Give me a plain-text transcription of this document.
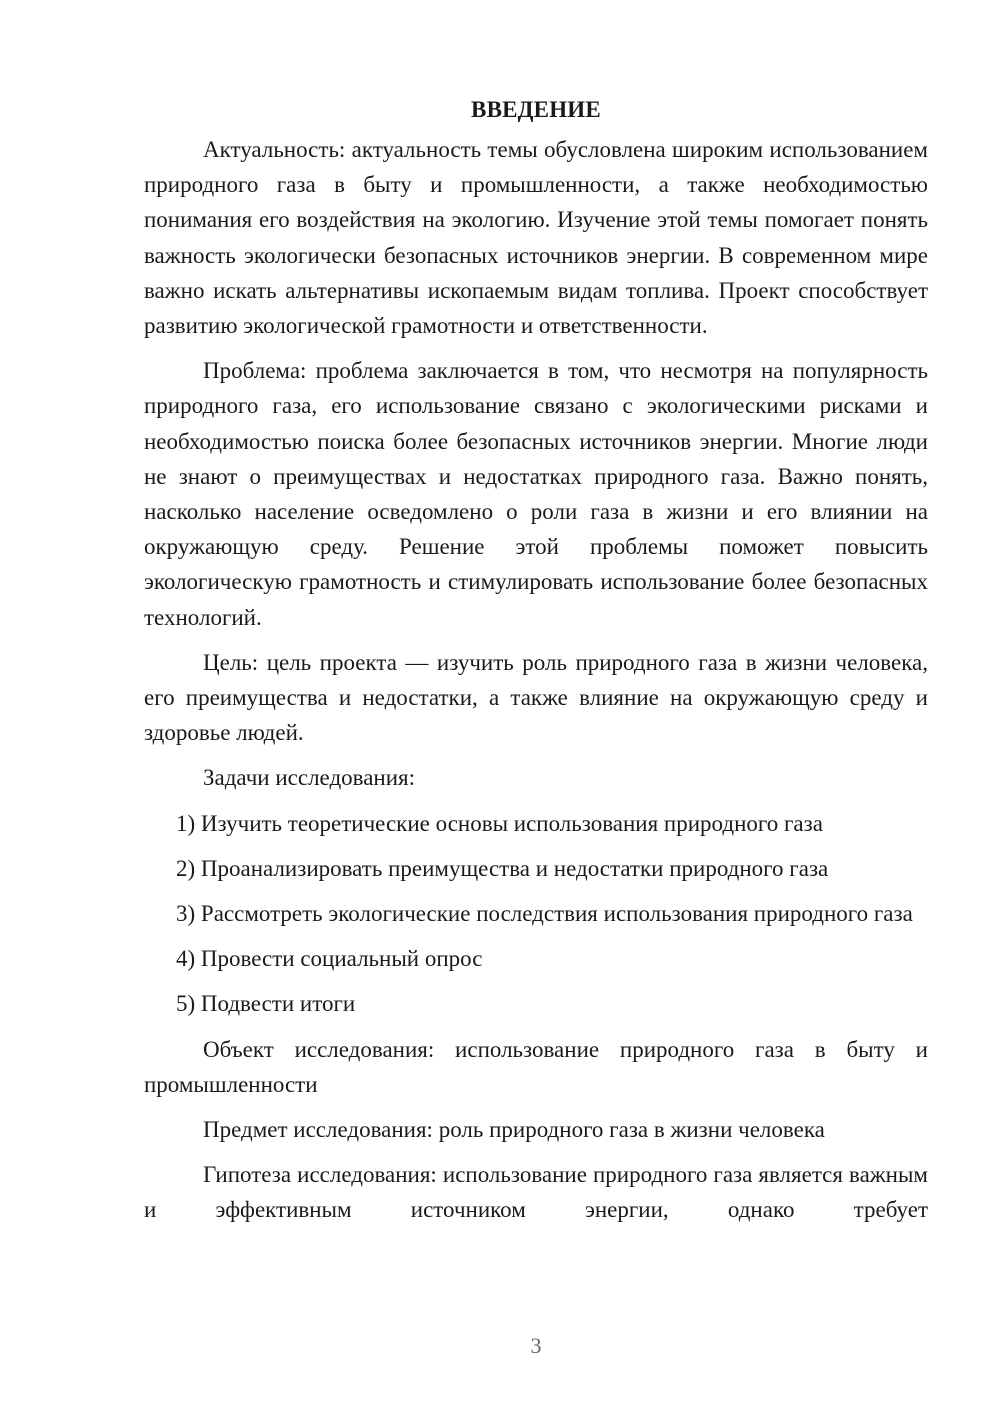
ВВЕДЕНИЕ

Актуальность: актуальность темы обусловлена широким использованием природного газа в быту и промышленности, а также необходимостью понимания его воздействия на экологию. Изучение этой темы помогает понять важность экологически безопасных источников энергии. В современном мире важно искать альтернативы ископаемым видам топлива. Проект способствует развитию экологической грамотности и ответственности.

Проблема: проблема заключается в том, что несмотря на популярность природного газа, его использование связано с экологическими рисками и необходимостью поиска более безопасных источников энергии. Многие люди не знают о преимуществах и недостатках природного газа. Важно понять, насколько население осведомлено о роли газа в жизни и его влиянии на окружающую среду. Решение этой проблемы поможет повысить экологическую грамотность и стимулировать использование более безопасных технологий.

Цель: цель проекта — изучить роль природного газа в жизни человека, его преимущества и недостатки, а также влияние на окружающую среду и здоровье людей.

Задачи исследования:

1) Изучить теоретические основы использования природного газа

2) Проанализировать преимущества и недостатки природного газа

3) Рассмотреть экологические последствия использования природного газа

4) Провести социальный опрос

5) Подвести итоги

Объект исследования: использование природного газа в быту и промышленности

Предмет исследования: роль природного газа в жизни человека

Гипотеза исследования: использование природного газа является важным и эффективным источником энергии, однако требует

3
